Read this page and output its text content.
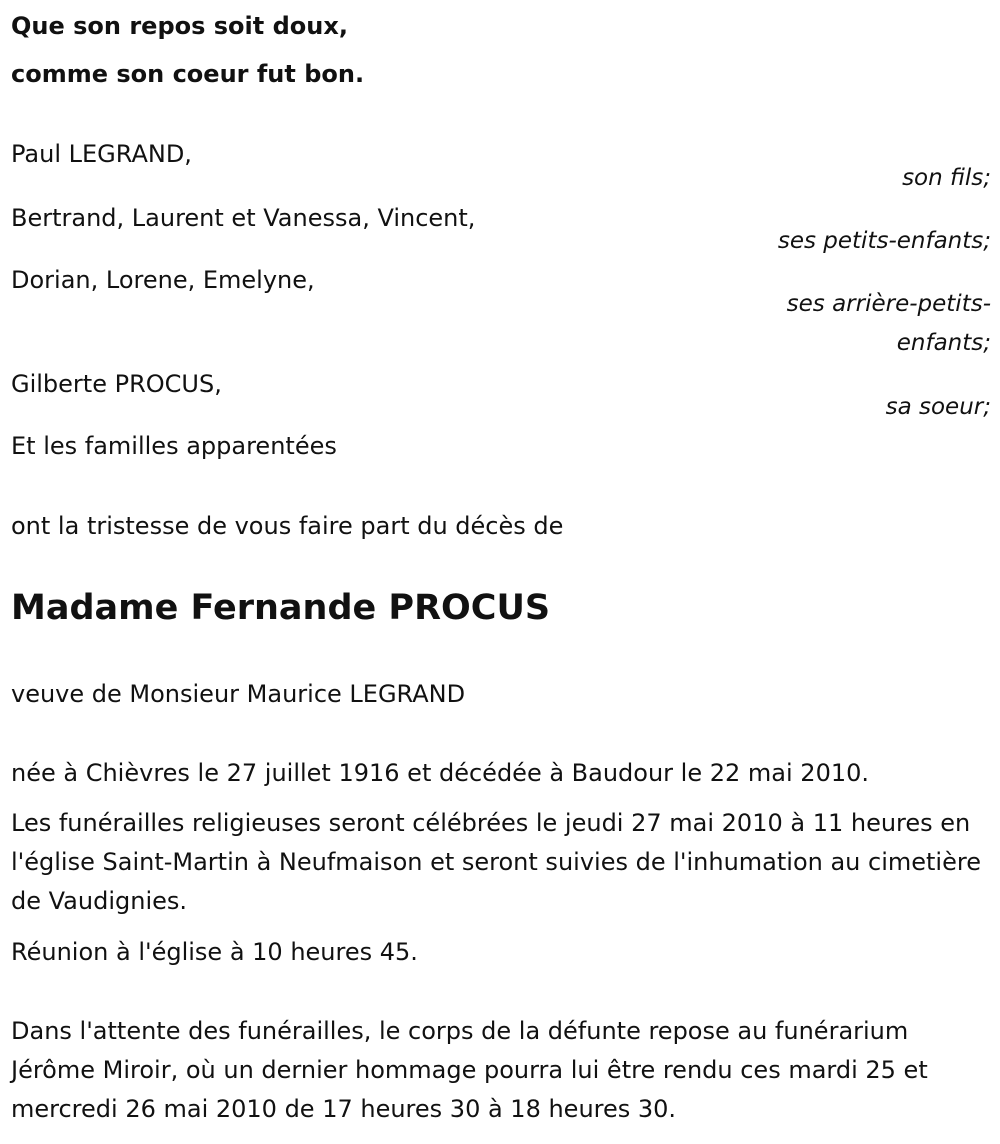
Que son repos soit doux,
comme son coeur fut bon.
Paul LEGRAND,
son fils;
Bertrand, Laurent et Vanessa, Vincent,
ses petits-enfants;
Dorian, Lorene, Emelyne,
ses arrière-petits-enfants;
Gilberte PROCUS,
sa soeur;
Et les familles apparentées
ont la tristesse de vous faire part du décès de
Madame Fernande PROCUS
veuve de Monsieur Maurice LEGRAND
née à Chièvres le 27 juillet 1916 et décédée à Baudour le 22 mai 2010.
Les funérailles religieuses seront célébrées le jeudi 27 mai 2010 à 11 heures en l'église Saint-Martin à Neufmaison et seront suivies de l'inhumation au cimetière de Vaudignies.
Réunion à l'église à 10 heures 45.
Dans l'attente des funérailles, le corps de la défunte repose au funérarium Jérôme Miroir, où un dernier hommage pourra lui être rendu ces mardi 25 et mercredi 26 mai 2010 de 17 heures 30 à 18 heures 30.
